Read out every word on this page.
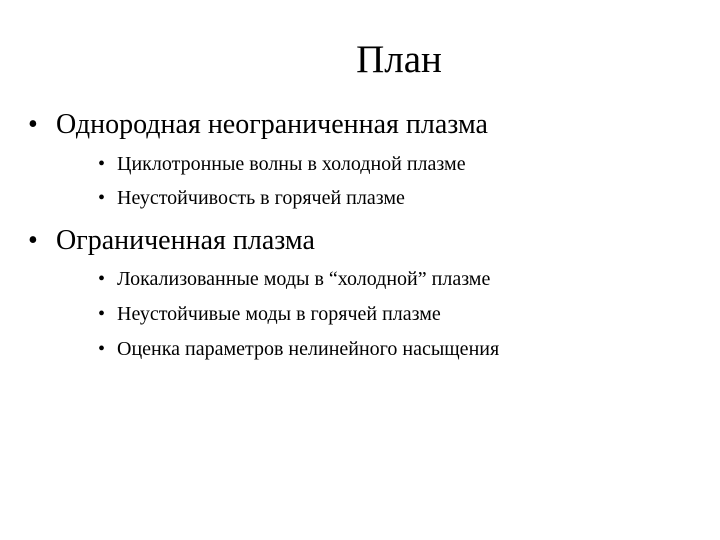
План
• Однородная неограниченная плазма
• Циклотронные волны в холодной плазме
• Неустойчивость в горячей плазме
• Ограниченная плазма
• Локализованные моды в “холодной” плазме
• Неустойчивые моды в горячей плазме
• Оценка параметров нелинейного насыщения
